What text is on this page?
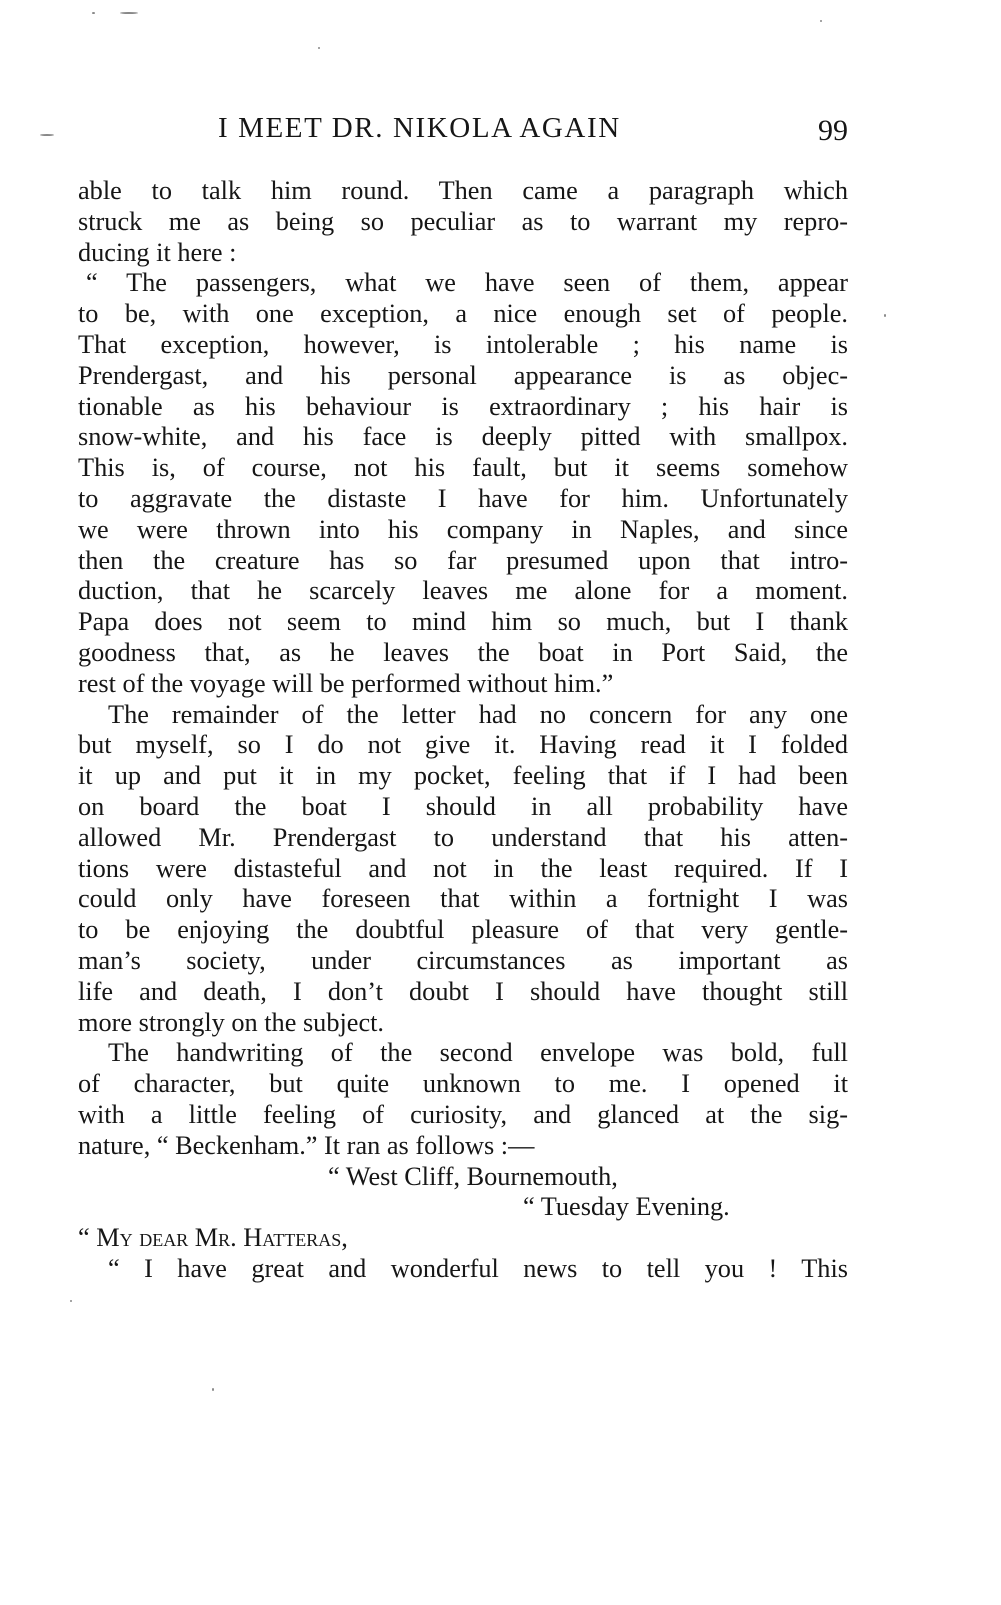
I MEET DR. NIKOLA AGAIN	99
able to talk him round. Then came a paragraph which
struck me as being so peculiar as to warrant my repro-
ducing it here :
“ The passengers, what we have seen of them, appear
to be, with one exception, a nice enough set of people.
That exception, however, is intolerable ; his name is
Prendergast, and his personal appearance is as objec-
tionable as his behaviour is extraordinary ; his hair is
snow-white, and his face is deeply pitted with smallpox.
This is, of course, not his fault, but it seems somehow
to aggravate the distaste I have for him. Unfortunately
we were thrown into his company in Naples, and since
then the creature has so far presumed upon that intro-
duction, that he scarcely leaves me alone for a moment.
Papa does not seem to mind him so much, but I thank
goodness that, as he leaves the boat in Port Said, the
rest of the voyage will be performed without him.”
The remainder of the letter had no concern for any one
but myself, so I do not give it. Having read it I folded
it up and put it in my pocket, feeling that if I had been
on board the boat I should in all probability have
allowed Mr. Prendergast to understand that his atten-
tions were distasteful and not in the least required. If I
could only have foreseen that within a fortnight I was
to be enjoying the doubtful pleasure of that very gentle-
man’s society, under circumstances as important as
life and death, I don’t doubt I should have thought still
more strongly on the subject.
The handwriting of the second envelope was bold, full
of character, but quite unknown to me. I opened it
with a little feeling of curiosity, and glanced at the sig-
nature, “ Beckenham.” It ran as follows :—
“ West Cliff, Bournemouth,
“ Tuesday Evening.
“ My dear Mr. Hatteras,
“ I have great and wonderful news to tell you ! This
